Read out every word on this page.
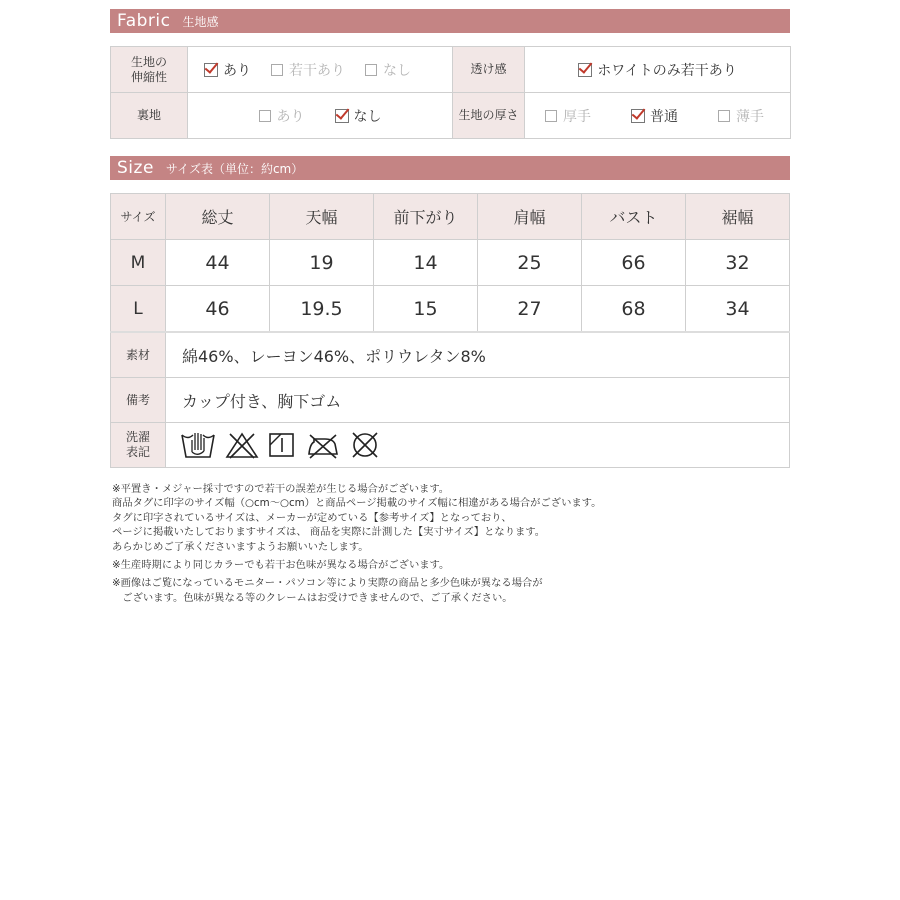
Fabric 生地感
生地の
伸縮性	あり 若干あり なし	透け感	ホワイトのみ若干あり

裏地	あり なし	生地の厚さ	厚手 普通 薄手
Size サイズ表（単位：約cm）
サイズ	総丈	天幅	前下がり	肩幅	バスト	裾幅
M	44	19	14	25	66	32
L	46	19.5	15	27	68	34
素材	綿46%、レーヨン46%、ポリウレタン8%
備考	カップ付き、胸下ゴム
洗濯
表記	

※平置き・メジャー採寸ですので若干の誤差が生じる場合がございます。

商品タグに印字のサイズ幅（○cm〜○cm）と商品ページ掲載のサイズ幅に相違がある場合がございます。

タグに印字されているサイズは、メーカーが定めている【参考サイズ】となっており、

ページに掲載いたしておりますサイズは、 商品を実際に計測した【実寸サイズ】となります。

あらかじめご了承くださいますようお願いいたします。

※生産時期により同じカラーでも若干お色味が異なる場合がございます。

※画像はご覧になっているモニター・パソコン等により実際の商品と多少色味が異なる場合が

　ございます。色味が異なる等のクレームはお受けできませんので、ご了承ください。
